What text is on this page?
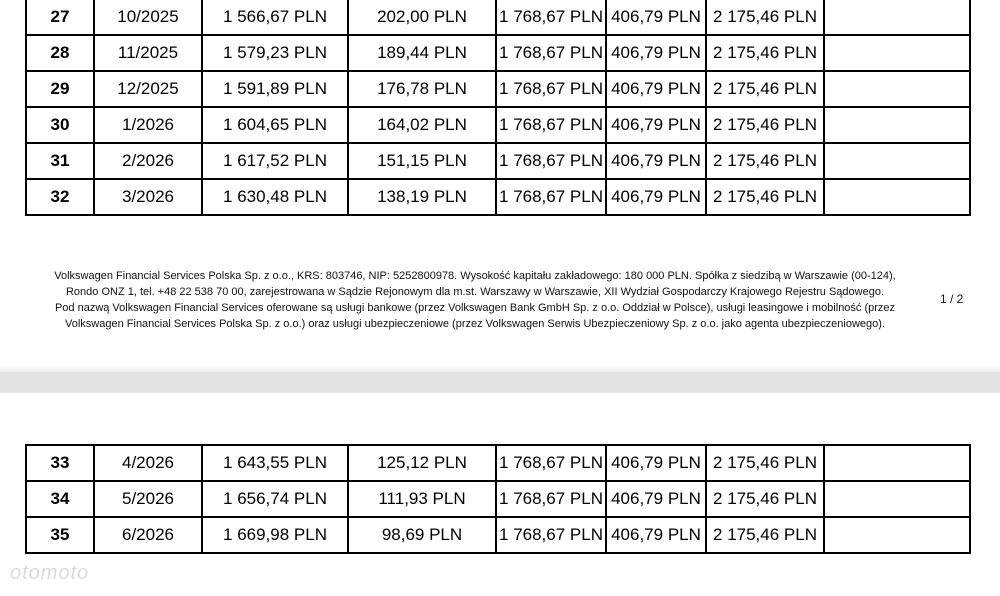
27	10/2025	1 566,67 PLN	202,00 PLN	1 768,67 PLN	406,79 PLN	2 175,46 PLN	
28	11/2025	1 579,23 PLN	189,44 PLN	1 768,67 PLN	406,79 PLN	2 175,46 PLN	
29	12/2025	1 591,89 PLN	176,78 PLN	1 768,67 PLN	406,79 PLN	2 175,46 PLN	
30	1/2026	1 604,65 PLN	164,02 PLN	1 768,67 PLN	406,79 PLN	2 175,46 PLN	
31	2/2026	1 617,52 PLN	151,15 PLN	1 768,67 PLN	406,79 PLN	2 175,46 PLN	
32	3/2026	1 630,48 PLN	138,19 PLN	1 768,67 PLN	406,79 PLN	2 175,46 PLN	
Volkswagen Financial Services Polska Sp. z o.o., KRS: 803746, NIP: 5252800978. Wysokość kapitału zakładowego: 180 000 PLN. Spółka z siedzibą w Warszawie (00-124),
Rondo ONZ 1, tel. +48 22 538 70 00, zarejestrowana w Sądzie Rejonowym dla m.st. Warszawy w Warszawie, XII Wydział Gospodarczy Krajowego Rejestru Sądowego.
Pod nazwą Volkswagen Financial Services oferowane są usługi bankowe (przez Volkswagen Bank GmbH Sp. z o.o. Oddział w Polsce), usługi leasingowe i mobilność (przez
Volkswagen Financial Services Polska Sp. z o.o.) oraz usługi ubezpieczeniowe (przez Volkswagen Serwis Ubezpieczeniowy Sp. z o.o. jako agenta ubezpieczeniowego).
1 / 2
33	4/2026	1 643,55 PLN	125,12 PLN	1 768,67 PLN	406,79 PLN	2 175,46 PLN	
34	5/2026	1 656,74 PLN	111,93 PLN	1 768,67 PLN	406,79 PLN	2 175,46 PLN	
35	6/2026	1 669,98 PLN	98,69 PLN	1 768,67 PLN	406,79 PLN	2 175,46 PLN	
otomoto
